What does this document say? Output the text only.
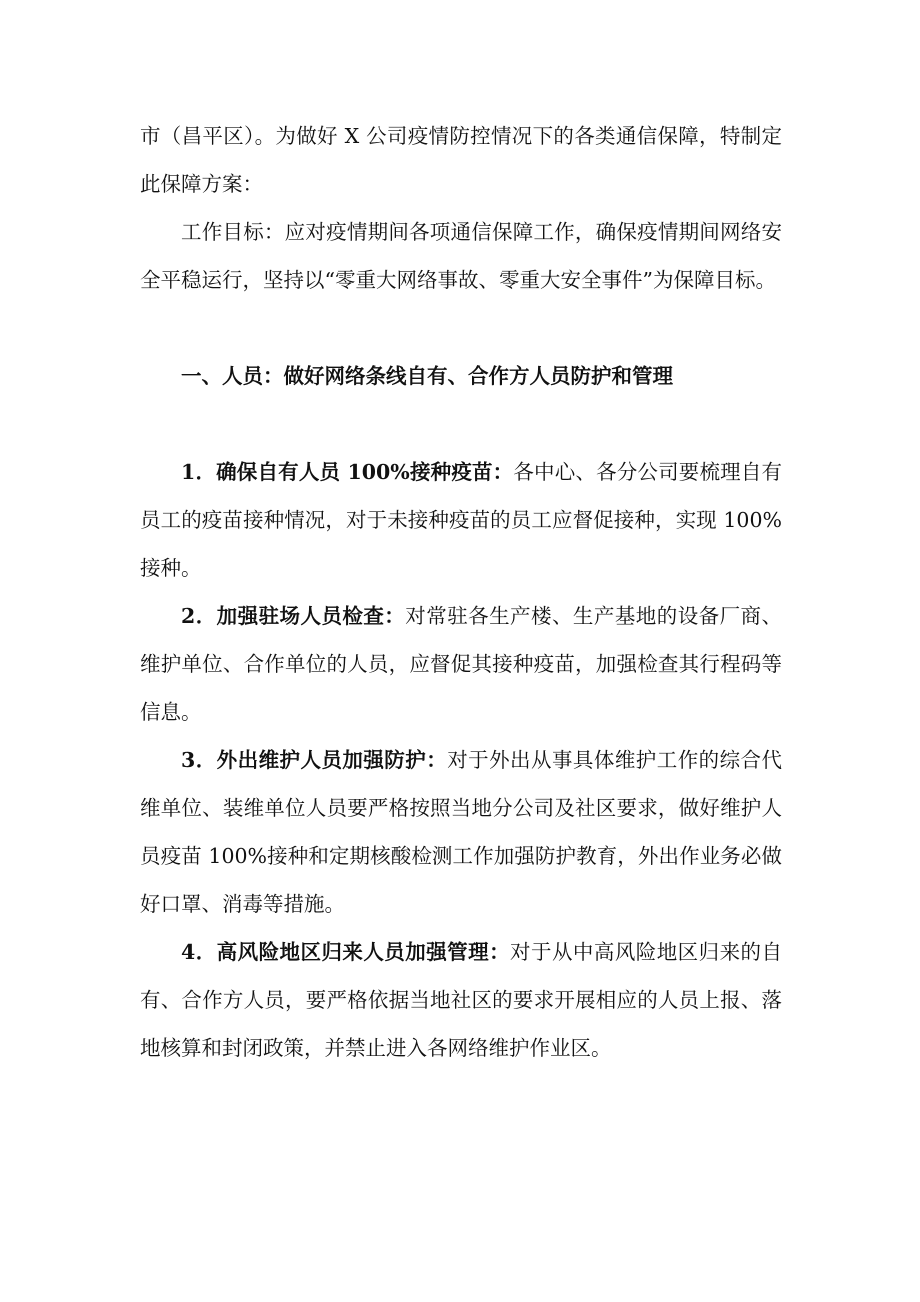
市（昌平区）。为做好 X 公司疫情防控情况下的各类通信保障，特制定此保障方案：

工作目标：应对疫情期间各项通信保障工作，确保疫情期间网络安全平稳运行，坚持以“零重大网络事故、零重大安全事件”为保障目标。

一、人员：做好网络条线自有、合作方人员防护和管理

1．确保自有人员 100%接种疫苗：各中心、各分公司要梳理自有员工的疫苗接种情况，对于未接种疫苗的员工应督促接种，实现 100%接种。

2．加强驻场人员检查：对常驻各生产楼、生产基地的设备厂商、维护单位、合作单位的人员，应督促其接种疫苗，加强检查其行程码等信息。

3．外出维护人员加强防护：对于外出从事具体维护工作的综合代维单位、装维单位人员要严格按照当地分公司及社区要求，做好维护人员疫苗 100%接种和定期核酸检测工作加强防护教育，外出作业务必做好口罩、消毒等措施。

4．高风险地区归来人员加强管理：对于从中高风险地区归来的自有、合作方人员，要严格依据当地社区的要求开展相应的人员上报、落地核算和封闭政策，并禁止进入各网络维护作业区。
